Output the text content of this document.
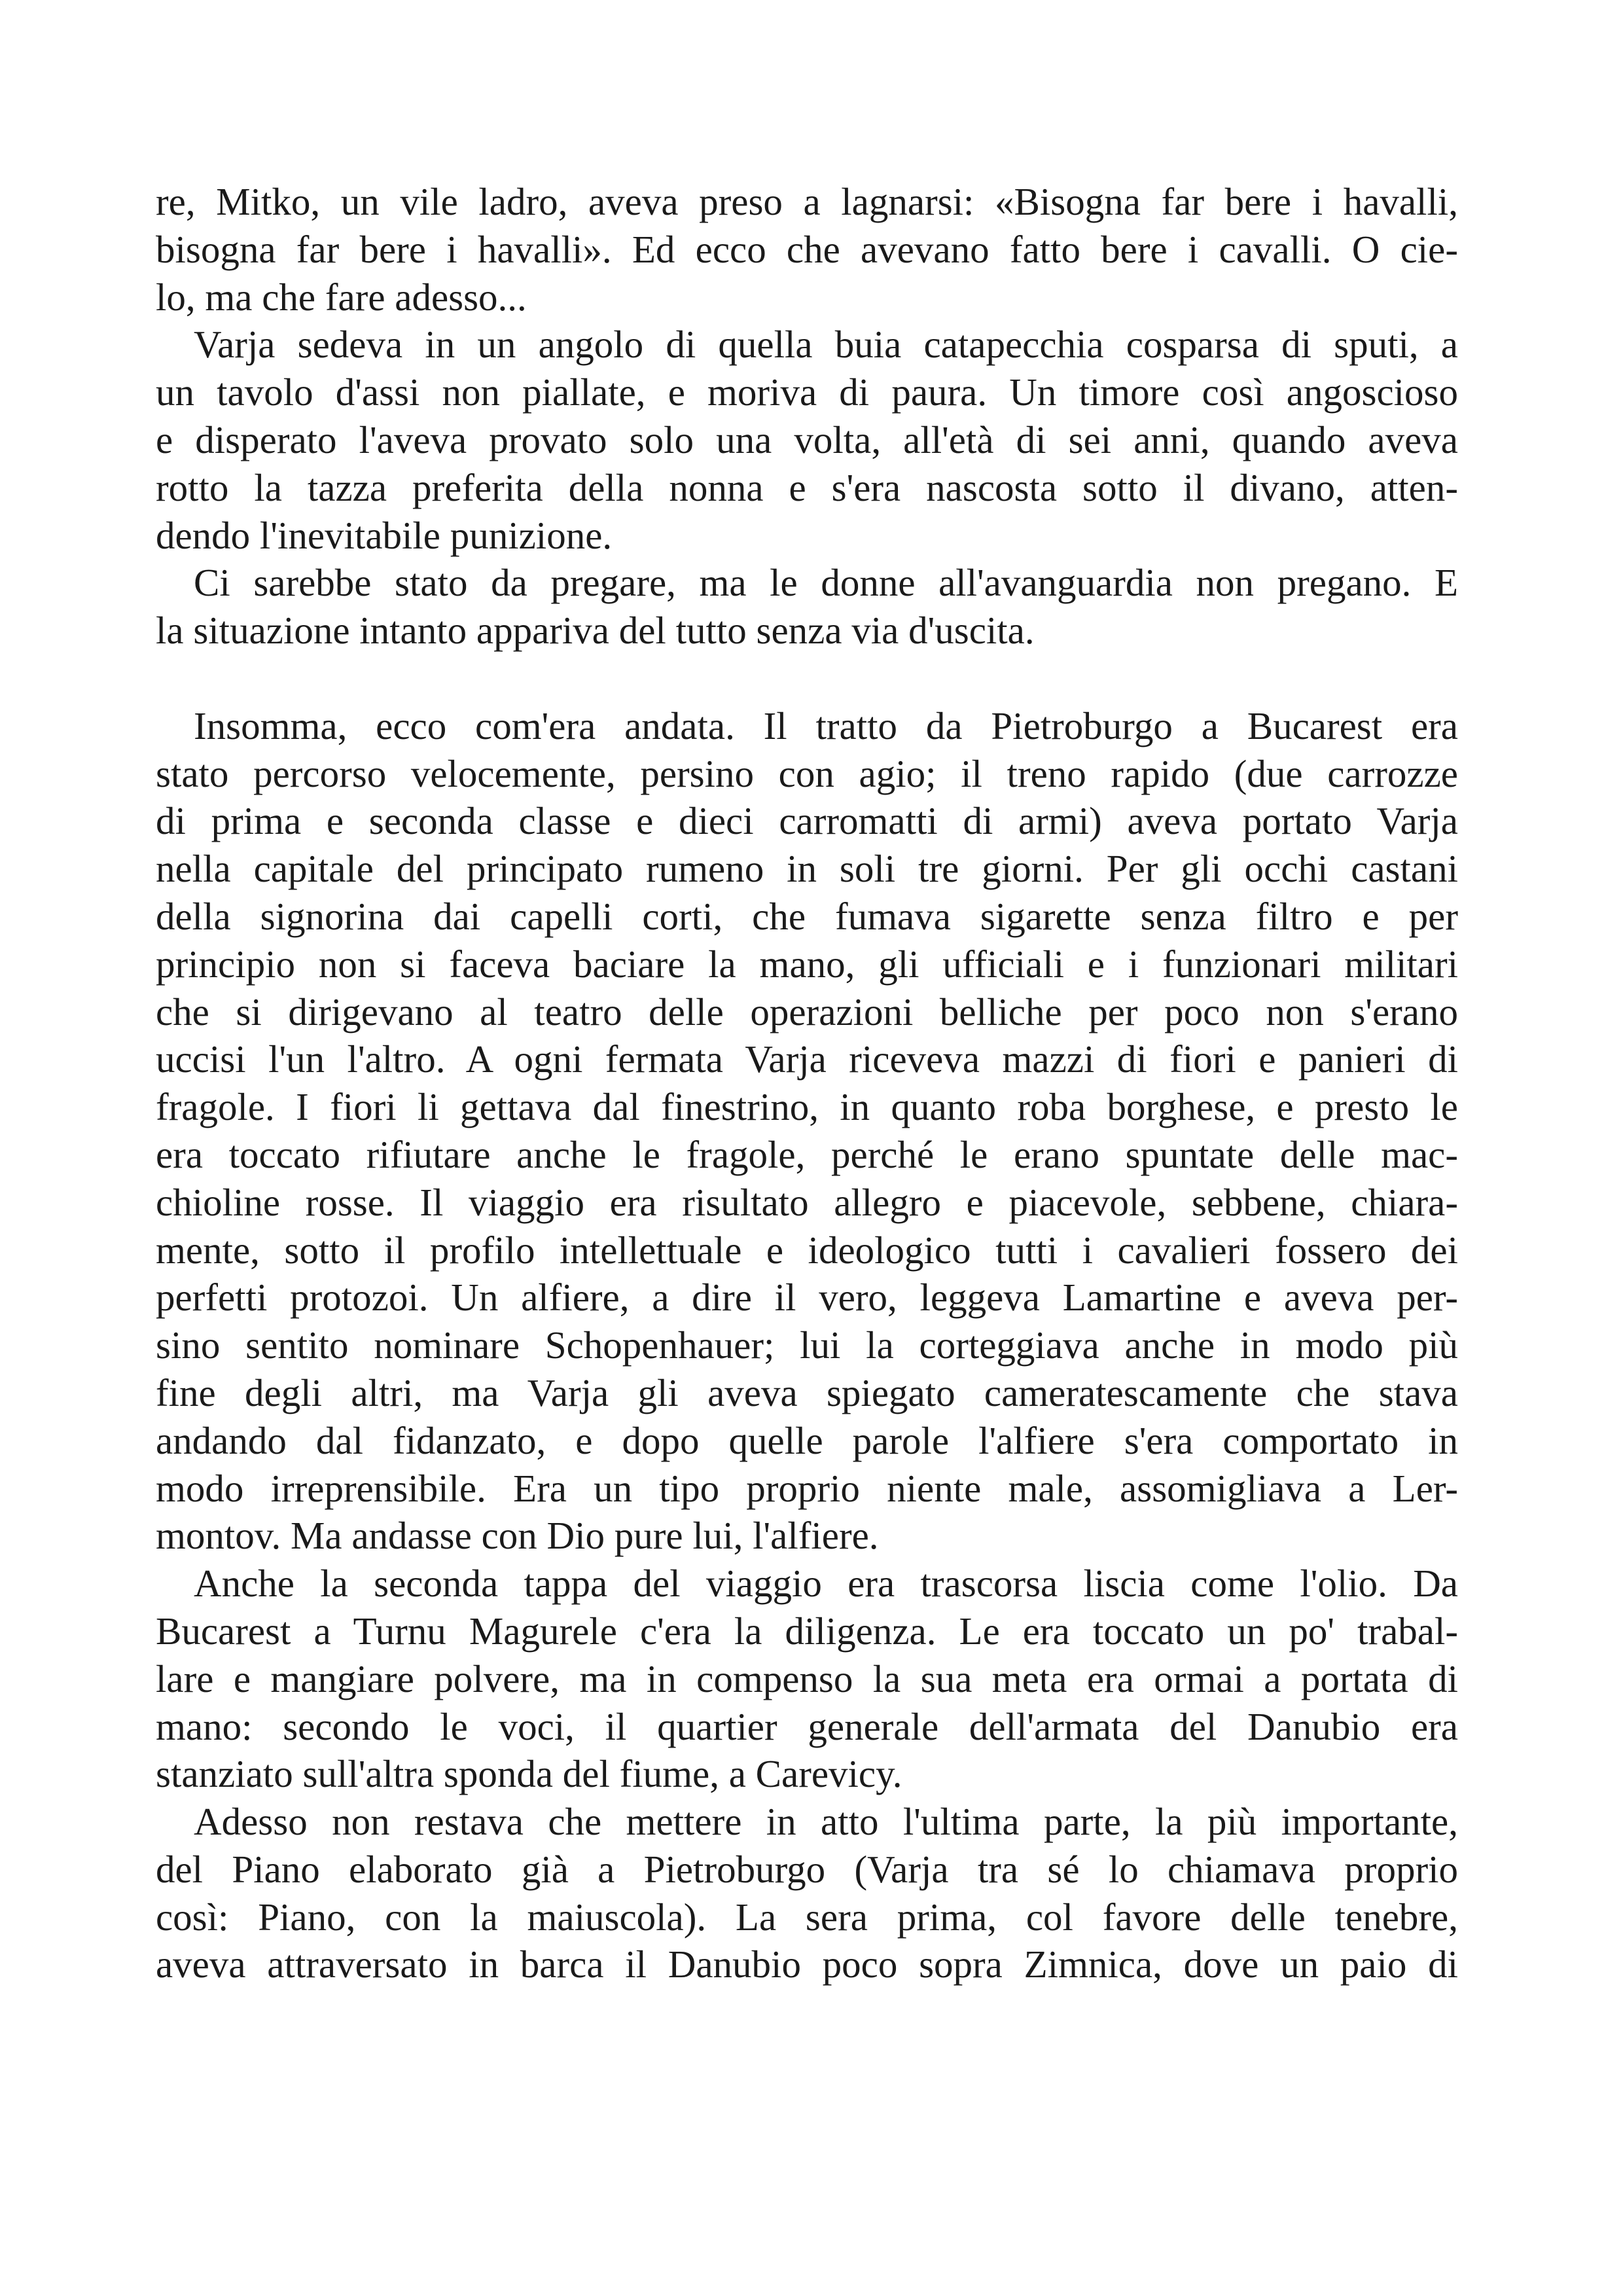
re, Mitko, un vile ladro, aveva preso a lagnarsi: «Bisogna far bere i havalli,
bisogna far bere i havalli». Ed ecco che avevano fatto bere i cavalli. O cie-
lo, ma che fare adesso...

Varja sedeva in un angolo di quella buia catapecchia cosparsa di sputi, a
un tavolo d'assi non piallate, e moriva di paura. Un timore così angoscioso
e disperato l'aveva provato solo una volta, all'età di sei anni, quando aveva
rotto la tazza preferita della nonna e s'era nascosta sotto il divano, atten-
dendo l'inevitabile punizione.

Ci sarebbe stato da pregare, ma le donne all'avanguardia non pregano. E
la situazione intanto appariva del tutto senza via d'uscita.

Insomma, ecco com'era andata. Il tratto da Pietroburgo a Bucarest era
stato percorso velocemente, persino con agio; il treno rapido (due carrozze
di prima e seconda classe e dieci carromatti di armi) aveva portato Varja
nella capitale del principato rumeno in soli tre giorni. Per gli occhi castani
della signorina dai capelli corti, che fumava sigarette senza filtro e per
principio non si faceva baciare la mano, gli ufficiali e i funzionari militari
che si dirigevano al teatro delle operazioni belliche per poco non s'erano
uccisi l'un l'altro. A ogni fermata Varja riceveva mazzi di fiori e panieri di
fragole. I fiori li gettava dal finestrino, in quanto roba borghese, e presto le
era toccato rifiutare anche le fragole, perché le erano spuntate delle mac-
chioline rosse. Il viaggio era risultato allegro e piacevole, sebbene, chiara-
mente, sotto il profilo intellettuale e ideologico tutti i cavalieri fossero dei
perfetti protozoi. Un alfiere, a dire il vero, leggeva Lamartine e aveva per-
sino sentito nominare Schopenhauer; lui la corteggiava anche in modo più
fine degli altri, ma Varja gli aveva spiegato cameratescamente che stava
andando dal fidanzato, e dopo quelle parole l'alfiere s'era comportato in
modo irreprensibile. Era un tipo proprio niente male, assomigliava a Ler-
montov. Ma andasse con Dio pure lui, l'alfiere.

Anche la seconda tappa del viaggio era trascorsa liscia come l'olio. Da
Bucarest a Turnu Magurele c'era la diligenza. Le era toccato un po' trabal-
lare e mangiare polvere, ma in compenso la sua meta era ormai a portata di
mano: secondo le voci, il quartier generale dell'armata del Danubio era
stanziato sull'altra sponda del fiume, a Carevicy.

Adesso non restava che mettere in atto l'ultima parte, la più importante,
del Piano elaborato già a Pietroburgo (Varja tra sé lo chiamava proprio
così: Piano, con la maiuscola). La sera prima, col favore delle tenebre,
aveva attraversato in barca il Danubio poco sopra Zimnica, dove un paio di
